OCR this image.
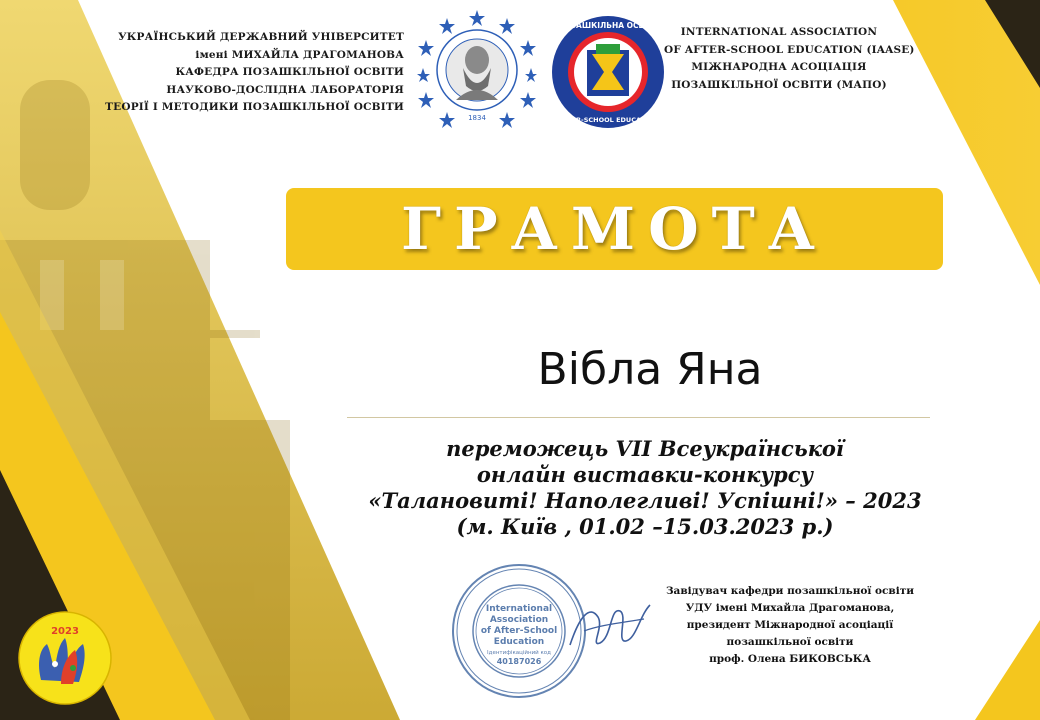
УКРАЇНСЬКИЙ ДЕРЖАВНИЙ УНІВЕРСИТЕТ
імені МИХАЙЛА ДРАГОМАНОВА
КАФЕДРА ПОЗАШКІЛЬНОЇ ОСВІТИ
НАУКОВО-ДОСЛІДНА ЛАБОРАТОРІЯ
ТЕОРІЇ І МЕТОДИКИ ПОЗАШКІЛЬНОЇ ОСВІТИ
1834
ПОЗАШКІЛЬНА ОСВІТА
AFTER-SCHOOL EDUCATION
INTERNATIONAL ASSOCIATION
OF AFTER-SCHOOL EDUCATION (IAASE)
МІЖНАРОДНА АСОЦІАЦІЯ
ПОЗАШКІЛЬНОЇ ОСВІТИ (МАПО)
ГРАМОТА
Вібла Яна
переможець VII Всеукраїнської
онлайн виставки-конкурсу
«Талановиті! Наполегливі! Успішні!» – 2023
(м. Київ , 01.02 –15.03.2023 р.)
International
Association
of After-School
Education
Ідентифікаційний код
40187026
Завідувач кафедри позашкільної освіти
УДУ імені Михайла Драгоманова,
президент Міжнародної асоціації
позашкільної освіти
проф. Олена БИКОВСЬКА
2023
